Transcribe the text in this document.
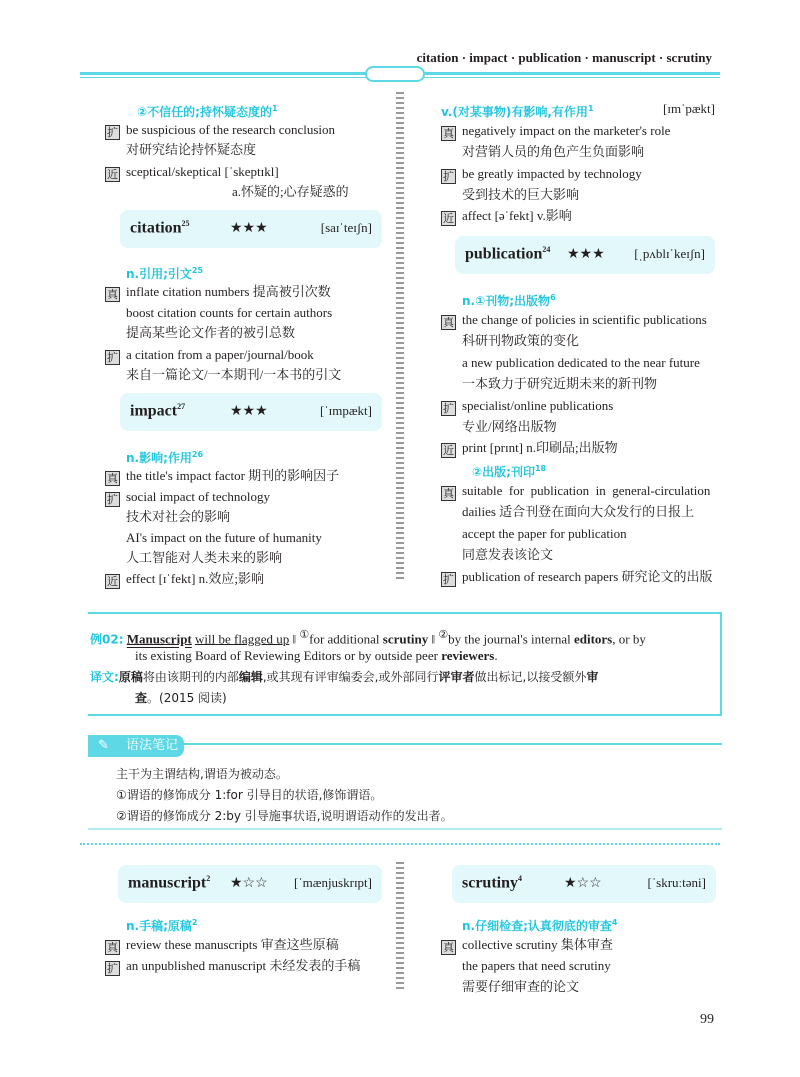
citation · impact · publication · manuscript · scrutiny
citation$^{25}$	★★★	[saɪˈteɪʃn]
impact$^{27}$	★★★	[ˈɪmpækt]
publication$^{24}$ ★★★ [ˌpʌblɪˈkeɪʃn]
manuscript$^2$ ★☆☆ [ˈmænjuskrɪpt]	scrutiny$^4$	★☆☆	[ˈskruːtəni]
例02: Manuscript will be flagged up ‖ ①for additional scrutiny ‖ ②by the journal's internal editors, or by
its existing Board of Reviewing Editors or by outside peer reviewers.
译文:原稿将由该期刊的内部编辑,或其现有评审编委会,或外部同行评审者做出标记,以接受额外审
查。(2015 阅读)
✎ 语法笔记
主干为主谓结构,谓语为被动态。
①谓语的修饰成分 1:for 引导目的状语,修饰谓语。
②谓语的修饰成分 2:by 引导施事状语,说明谓语动作的发出者。
99
②不信任的;持怀疑态度的$^1$
扩 be suspicious of the research conclusion
对研究结论持怀疑态度
近 sceptical/skeptical [ˈskeptɪkl]
a.怀疑的;心存疑惑的
n.引用;引文$^{25}$
真 inflate citation numbers 提高被引次数
boost citation counts for certain authors
提高某些论文作者的被引总数
扩 a citation from a paper/journal/book
来自一篇论文/一本期刊/一本书的引文
n.影响;作用$^{26}$
真 the title's impact factor 期刊的影响因子
扩 social impact of technology
技术对社会的影响
AI's impact on the future of humanity
人工智能对人类未来的影响
近 effect [ɪˈfekt] n.效应;影响
v.(对某事物)有影响,有作用$^1$	[ɪmˈpækt]
真 negatively impact on the marketer's role
对营销人员的角色产生负面影响
扩 be greatly impacted by technology
受到技术的巨大影响
近 affect [əˈfekt] v.影响
n.①刊物;出版物$^6$
真 the change of policies in scientific publications
科研刊物政策的变化
a new publication dedicated to the near future
一本致力于研究近期未来的新刊物
扩 specialist/online publications
专业/网络出版物
近 print [prɪnt] n.印刷品;出版物
②出版;刊印$^{18}$
真 suitable  for  publication  in  general-circulation
dailies 适合刊登在面向大众发行的日报上
accept the paper for publication
同意发表该论文
扩 publication of research papers 研究论文的出版
n.手稿;原稿$^2$
真 review these manuscripts 审查这些原稿
扩 an unpublished manuscript 未经发表的手稿
n.仔细检查;认真彻底的审查$^4$
真 collective scrutiny 集体审查
the papers that need scrutiny
需要仔细审查的论文
